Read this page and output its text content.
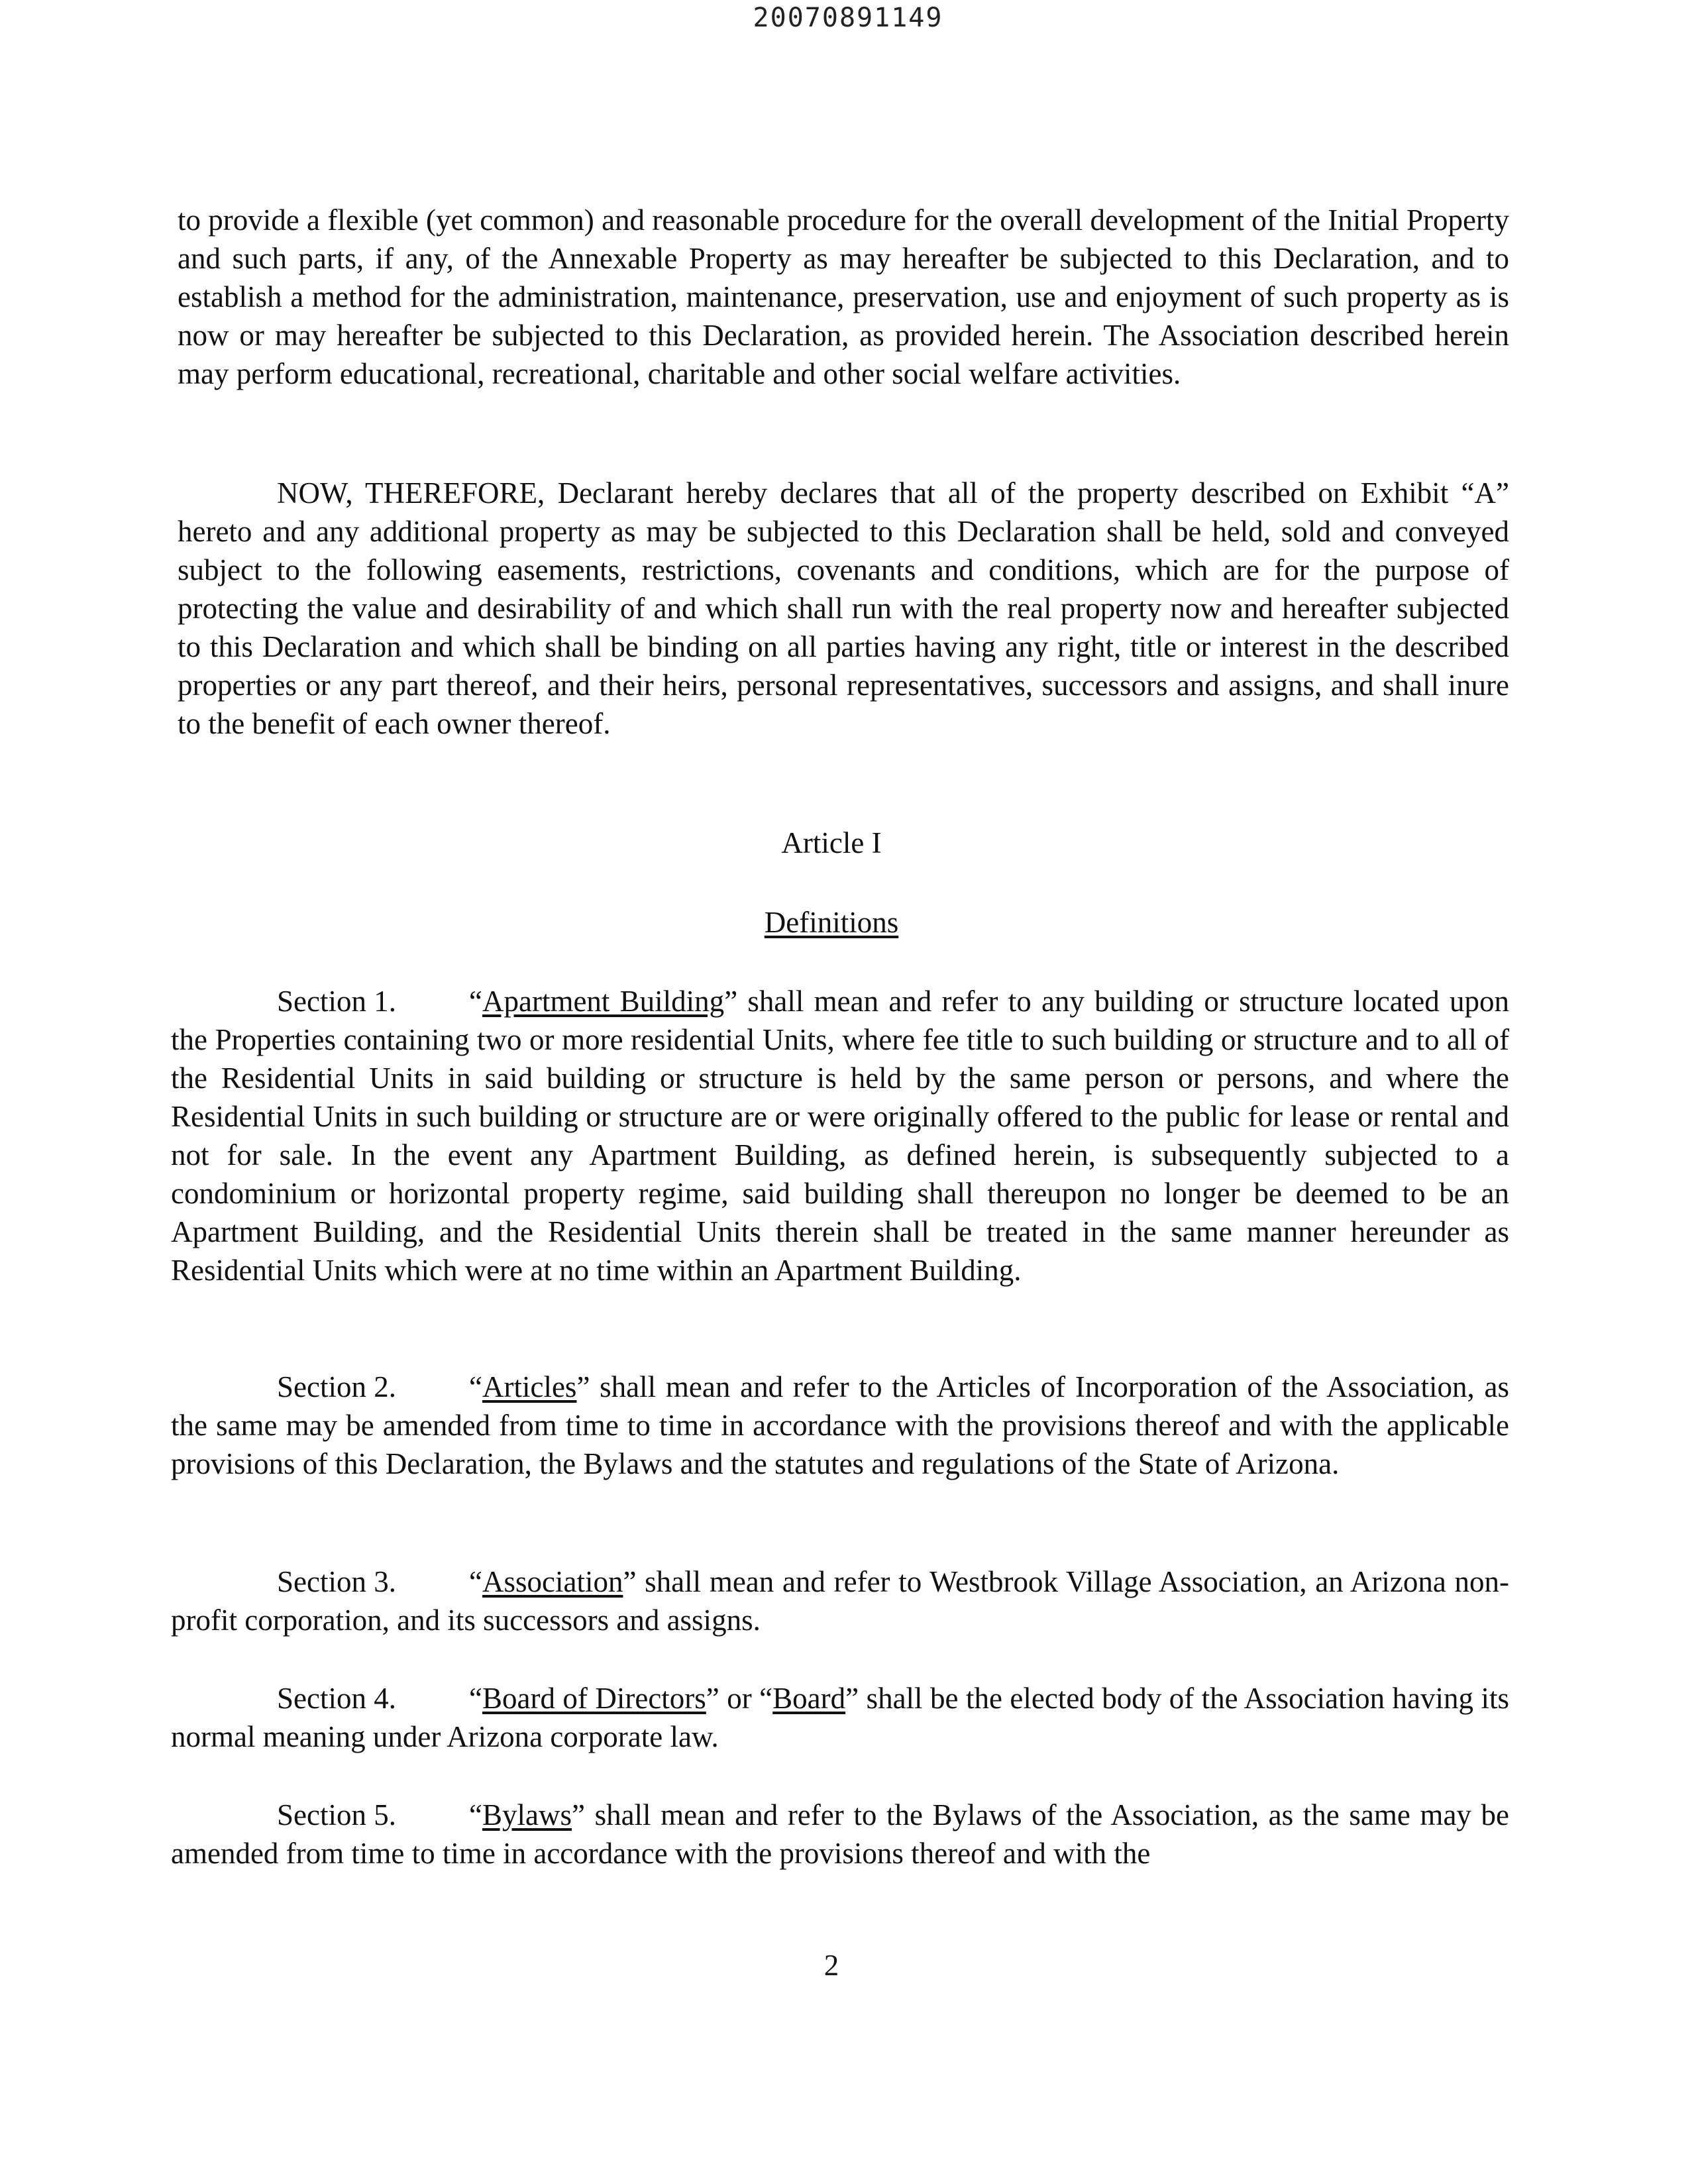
20070891149

to provide a flexible (yet common) and reasonable procedure for the overall development of the Initial Property and such parts, if any, of the Annexable Property as may hereafter be subjected to this Declaration, and to establish a method for the administration, maintenance, preservation, use and enjoyment of such property as is now or may hereafter be subjected to this Declaration, as provided herein. The Association described herein may perform educational, recreational, charitable and other social welfare activities.

NOW, THEREFORE, Declarant hereby declares that all of the property described on Exhibit “A” hereto and any additional property as may be subjected to this Declaration shall be held, sold and conveyed subject to the following easements, restrictions, covenants and conditions, which are for the purpose of protecting the value and desirability of and which shall run with the real property now and hereafter subjected to this Declaration and which shall be binding on all parties having any right, title or interest in the described properties or any part thereof, and their heirs, personal representatives, successors and assigns, and shall inure to the benefit of each owner thereof.

Article I
Definitions

Section 1. “Apartment Building” shall mean and refer to any building or structure located upon the Properties containing two or more residential Units, where fee title to such building or structure and to all of the Residential Units in said building or structure is held by the same person or persons, and where the Residential Units in such building or structure are or were originally offered to the public for lease or rental and not for sale. In the event any Apartment Building, as defined herein, is subsequently subjected to a condominium or horizontal property regime, said building shall thereupon no longer be deemed to be an Apartment Building, and the Residential Units therein shall be treated in the same manner hereunder as Residential Units which were at no time within an Apartment Building.

Section 2. “Articles” shall mean and refer to the Articles of Incorporation of the Association, as the same may be amended from time to time in accordance with the provisions thereof and with the applicable provisions of this Declaration, the Bylaws and the statutes and regulations of the State of Arizona.

Section 3. “Association” shall mean and refer to Westbrook Village Association, an Arizona non-profit corporation, and its successors and assigns.

Section 4. “Board of Directors” or “Board” shall be the elected body of the Association having its normal meaning under Arizona corporate law.

Section 5. “Bylaws” shall mean and refer to the Bylaws of the Association, as the same may be amended from time to time in accordance with the provisions thereof and with the

2
